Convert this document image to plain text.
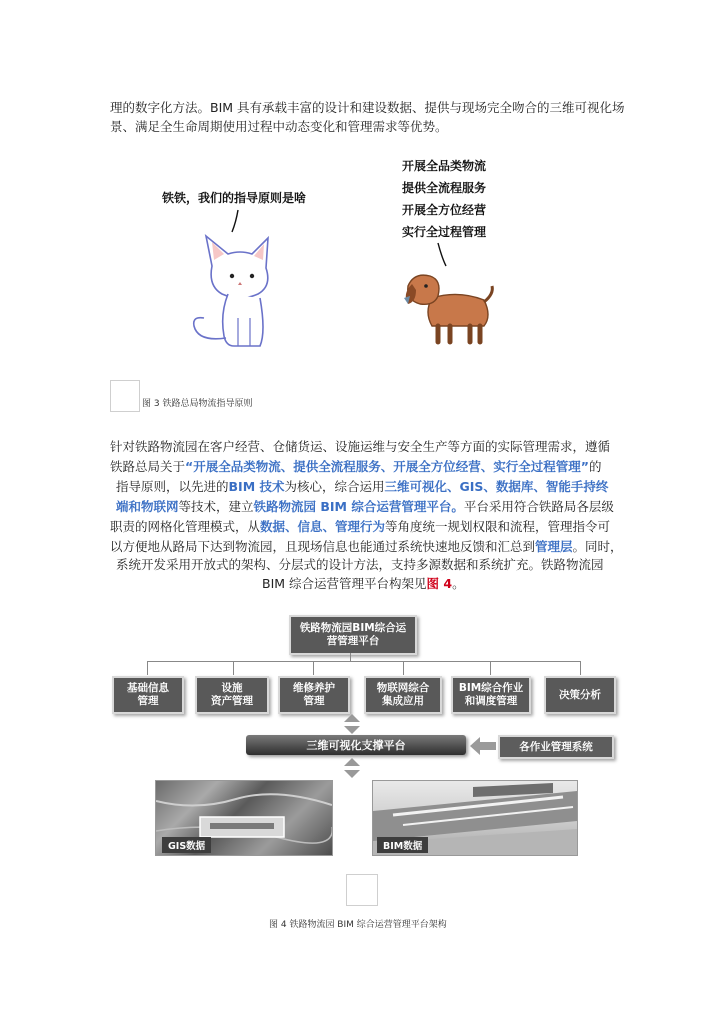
理的数字化方法。BIM 具有承载丰富的设计和建设数据、提供与现场完全吻合的三维可视化场
景、满足全生命周期使用过程中动态变化和管理需求等优势。
铁铁，我们的指导原则是啥
开展全品类物流
提供全流程服务
开展全方位经营
实行全过程管理
图 3 铁路总局物流指导原则
针对铁路物流园在客户经营、仓储货运、设施运维与安全生产等方面的实际管理需求，遵循
铁路总局关于“开展全品类物流、提供全流程服务、开展全方位经营、实行全过程管理”的
指导原则，以先进的BIM 技术为核心，综合运用三维可视化、GIS、数据库、智能手持终
端和物联网等技术，建立铁路物流园 BIM 综合运营管理平台。平台采用符合铁路局各层级
职责的网格化管理模式，从数据、信息、管理行为等角度统一规划权限和流程，管理指令可
以方便地从路局下达到物流园，且现场信息也能通过系统快速地反馈和汇总到管理层。同时，
系统开发采用开放式的架构、分层式的设计方法，支持多源数据和系统扩充。铁路物流园
BIM 综合运营管理平台构架见图 4。
铁路物流园BIM综合运
营管理平台
基础信息
管理
设施
资产管理
维修养护
管理
物联网综合
集成应用
BIM综合作业
和调度管理
决策分析
三维可视化支撑平台	各作业管理系统
GIS数据	BIM数据
图 4 铁路物流园 BIM 综合运营管理平台架构
